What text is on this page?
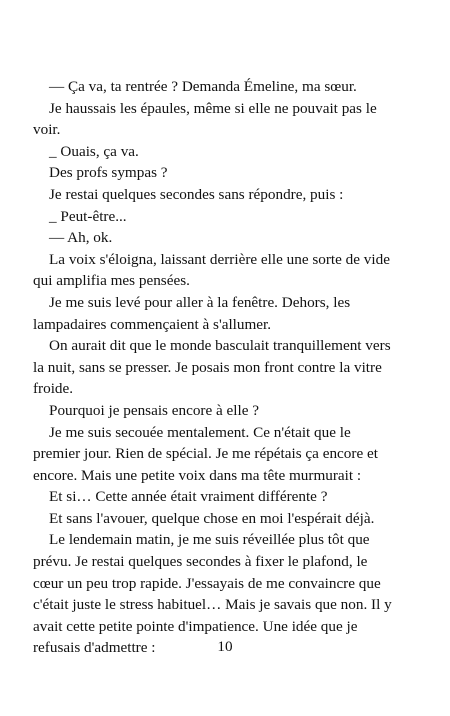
— Ça va, ta rentrée ? Demanda Émeline, ma sœur.

Je haussais les épaules, même si elle ne pouvait pas le voir.

_ Ouais, ça va.

Des profs sympas ?

Je restai quelques secondes sans répondre, puis :

_ Peut-être...

— Ah, ok.

La voix s'éloigna, laissant derrière elle une sorte de vide qui amplifia mes pensées.

Je me suis levé pour aller à la fenêtre. Dehors, les lampadaires commençaient à s'allumer.

On aurait dit que le monde basculait tranquillement vers la nuit, sans se presser. Je posais mon front contre la vitre froide.

Pourquoi je pensais encore à elle ?

Je me suis secouée mentalement. Ce n'était que le premier jour. Rien de spécial. Je me répétais ça encore et encore. Mais une petite voix dans ma tête murmurait :

Et si… Cette année était vraiment différente ?

Et sans l'avouer, quelque chose en moi l'espérait déjà.

Le lendemain matin, je me suis réveillée plus tôt que prévu. Je restai quelques secondes à fixer le plafond, le cœur un peu trop rapide. J'essayais de me convaincre que c'était juste le stress habituel… Mais je savais que non. Il y avait cette petite pointe d'impatience. Une idée que je refusais d'admettre :	10
